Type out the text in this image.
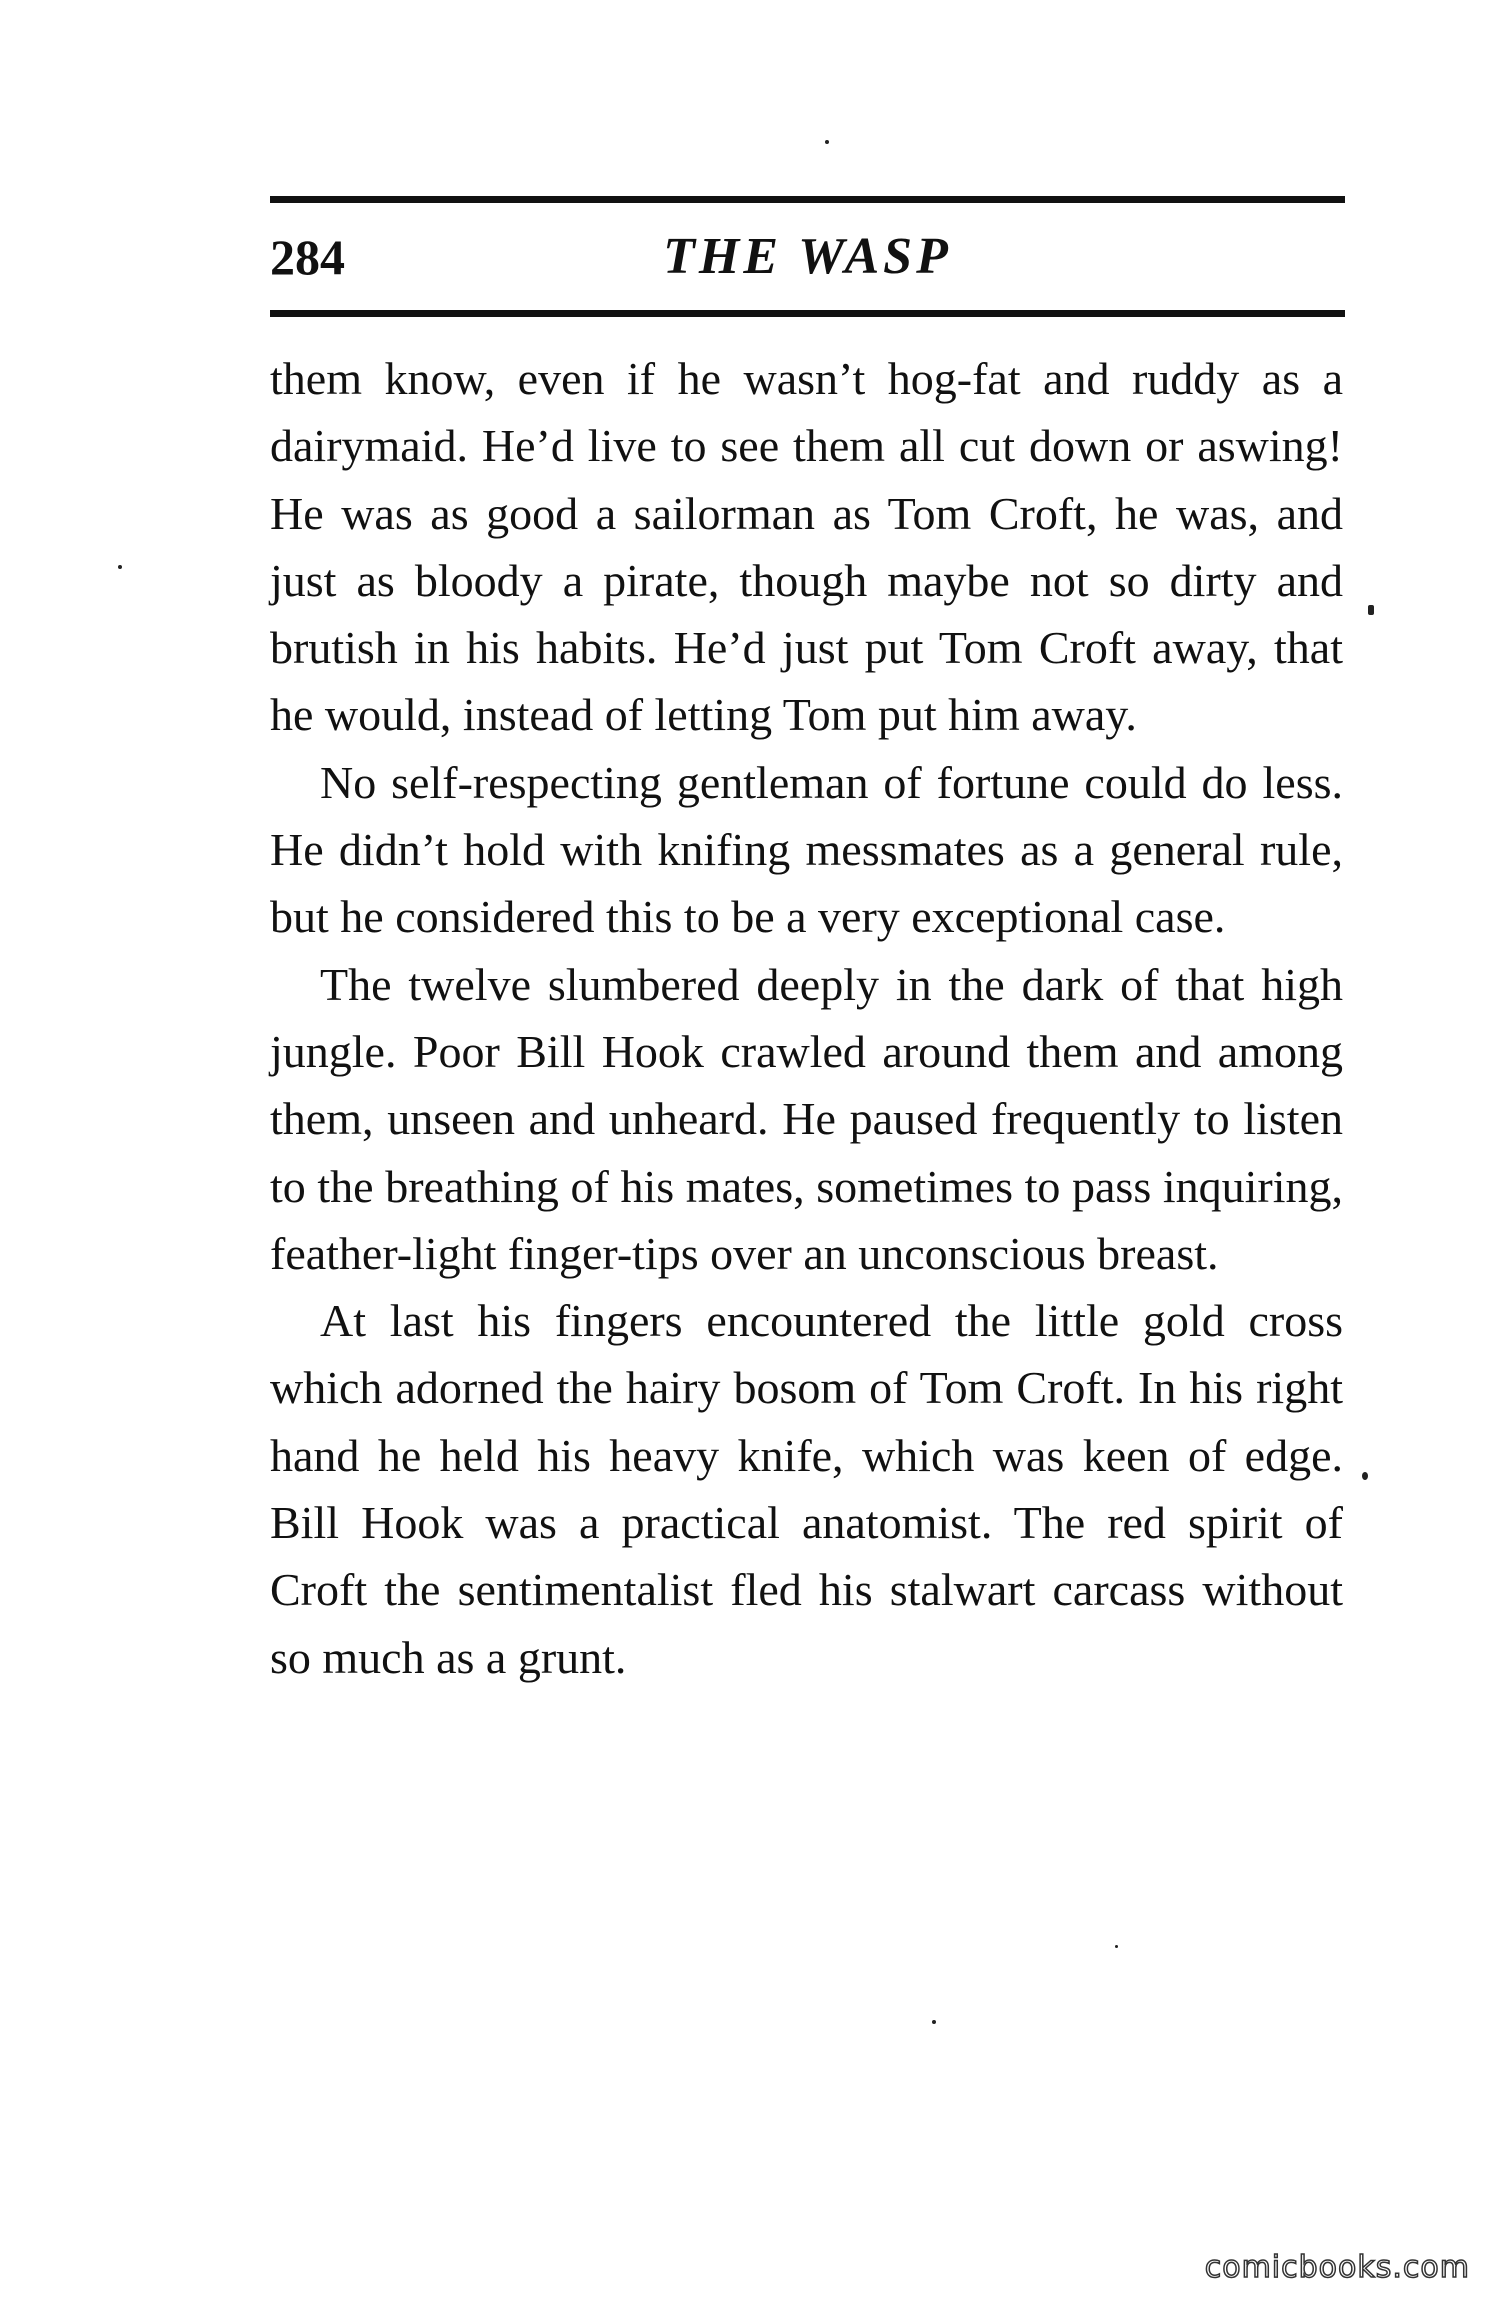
284	THE WASP

them know, even if he wasn’t hog-fat and ruddy as a dairymaid. He’d live to see them all cut down or aswing! He was as good a sailorman as Tom Croft, he was, and just as bloody a pirate, though maybe not so dirty and brutish in his habits. He’d just put Tom Croft away, that he would, instead of letting Tom put him away.

No self-respecting gentleman of fortune could do less. He didn’t hold with knifing messmates as a general rule, but he considered this to be a very exceptional case.

The twelve slumbered deeply in the dark of that high jungle. Poor Bill Hook crawled around them and among them, unseen and unheard. He paused frequently to listen to the breathing of his mates, sometimes to pass inquiring, feather-light finger-tips over an unconscious breast.

At last his fingers encountered the little gold cross which adorned the hairy bosom of Tom Croft. In his right hand he held his heavy knife, which was keen of edge. Bill Hook was a practical anatomist. The red spirit of Croft the sentimentalist fled his stalwart carcass without so much as a grunt.

comicbooks.com
